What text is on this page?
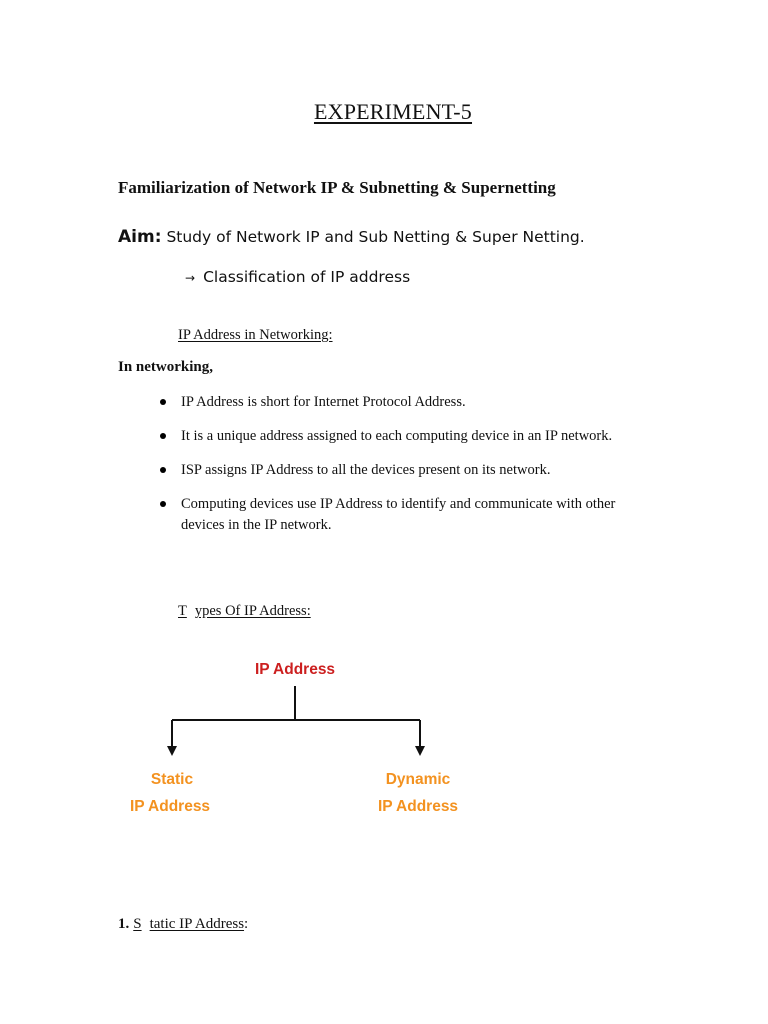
EXPERIMENT-5
Familiarization of Network IP & Subnetting & Supernetting
Aim: Study of Network IP and Sub Netting & Super Netting.
→ Classification of IP address
IP Address in Networking:
In networking,
IP Address is short for Internet Protocol Address.
It is a unique address assigned to each computing device in an IP network.
ISP assigns IP Address to all the devices present on its network.
Computing devices use IP Address to identify and communicate with other devices in the IP network.
T ypes Of IP Address:
IP Address
Static
IP Address
Dynamic
IP Address
1. S tatic IP Address:
